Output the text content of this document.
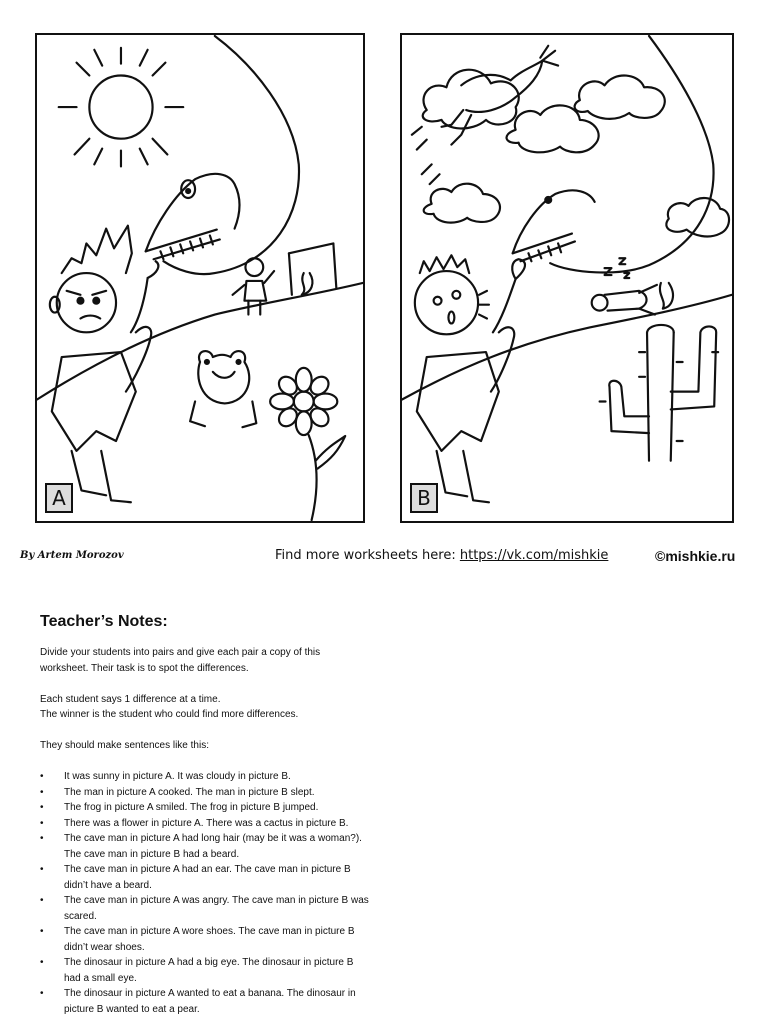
A	B
By Artem Morozov	Find more worksheets here: https://vk.com/mishkie	©mishkie.ru
Teacher’s Notes:

Divide your students into pairs and give each pair a copy of this
worksheet. Their task is to spot the differences.

Each student says 1 difference at a time.
The winner is the student who could find more differences.

They should make sentences like this:

• It was sunny in picture A. It was cloudy in picture B.
• The man in picture A cooked. The man in picture B slept.
• The frog in picture A smiled. The frog in picture B jumped.
• There was a flower in picture A. There was a cactus in picture B.
• The cave man in picture A had long hair (may be it was a woman?).
The cave man in picture B had a beard.
• The cave man in picture A had an ear. The cave man in picture B
didn’t have a beard.
• The cave man in picture A was angry. The cave man in picture B was
scared.
• The cave man in picture A wore shoes. The cave man in picture B
didn’t wear shoes.
• The dinosaur in picture A had a big eye. The dinosaur in picture B
had a small eye.
• The dinosaur in picture A wanted to eat a banana. The dinosaur in
picture B wanted to eat a pear.
